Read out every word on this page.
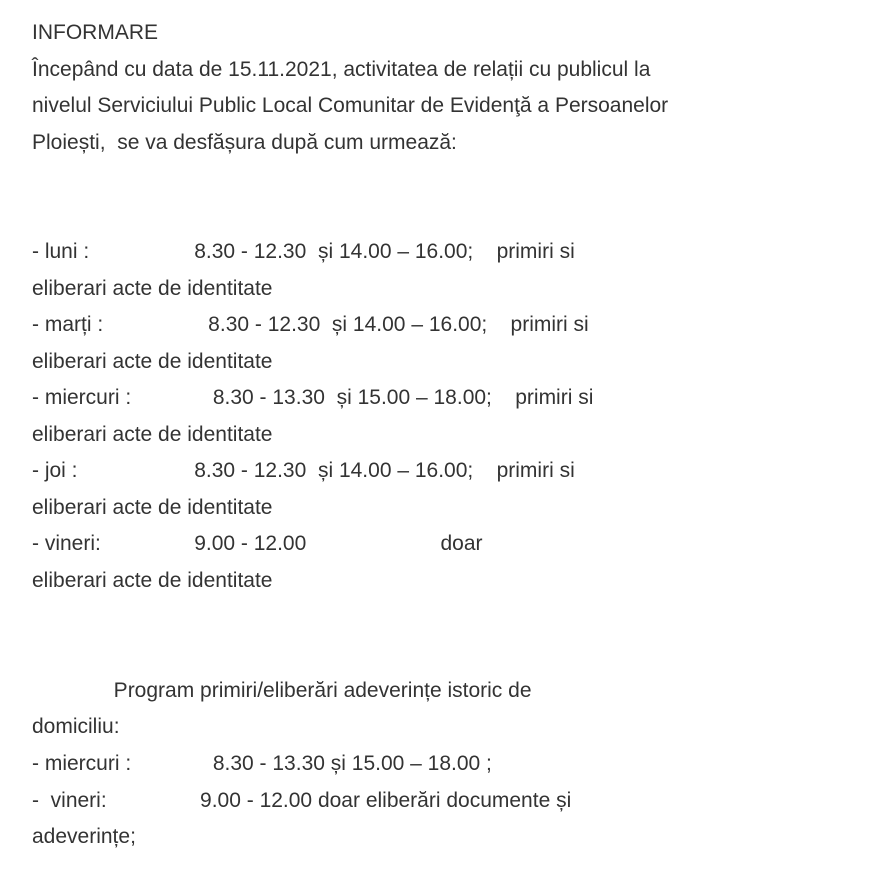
INFORMARE
Începând cu data de 15.11.2021, activitatea de relații cu publicul la
nivelul Serviciului Public Local Comunitar de Evidenţă a Persoanelor
Ploiești,  se va desfășura după cum urmează:
- luni :                  8.30 - 12.30  și 14.00 – 16.00;    primiri si
eliberari acte de identitate
- marți :                  8.30 - 12.30  și 14.00 – 16.00;    primiri si
eliberari acte de identitate
- miercuri :              8.30 - 13.30  și 15.00 – 18.00;    primiri si
eliberari acte de identitate
- joi :                    8.30 - 12.30  și 14.00 – 16.00;    primiri si
eliberari acte de identitate
- vineri:                9.00 - 12.00                       doar
eliberari acte de identitate
Program primiri/eliberări adeverințe istoric de
domiciliu:
- miercuri :              8.30 - 13.30 și 15.00 – 18.00 ;
-  vineri:                9.00 - 12.00 doar eliberări documente și
adeverințe;
